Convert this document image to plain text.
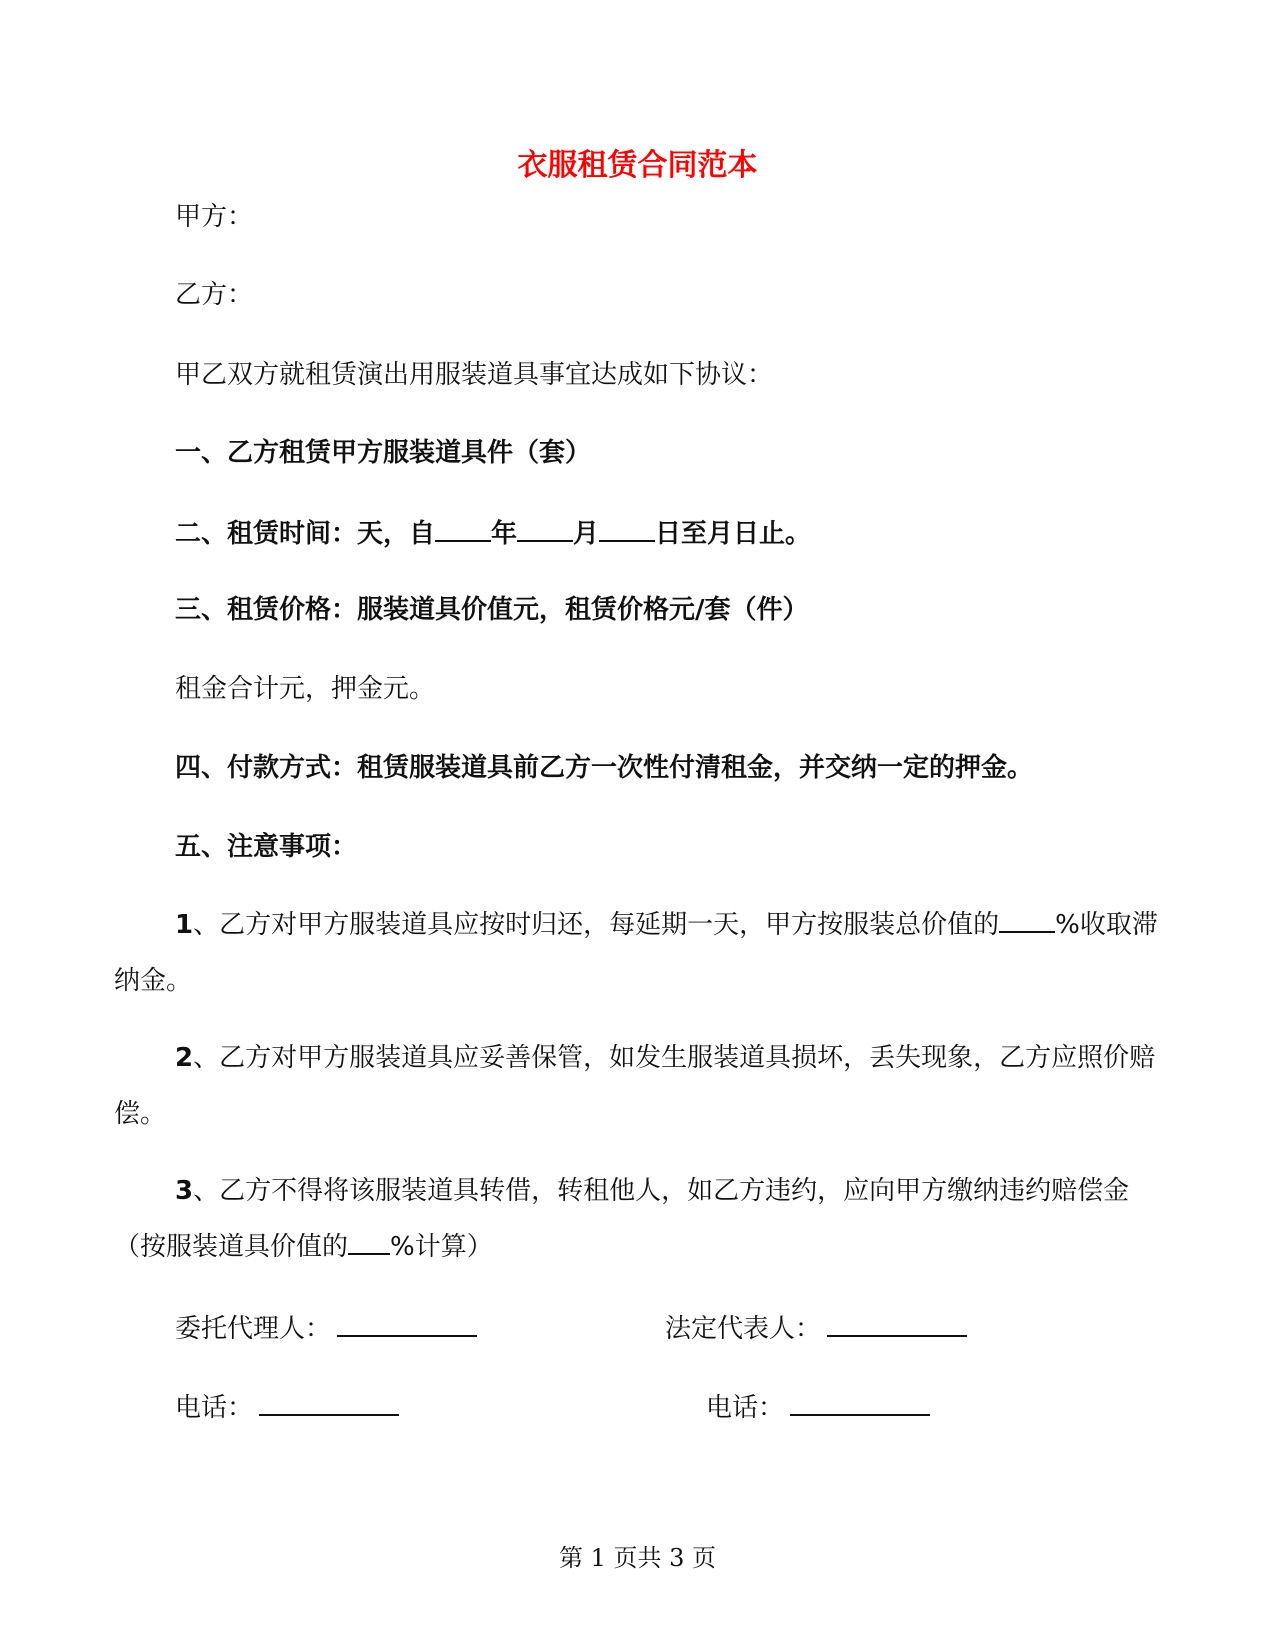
衣服租赁合同范本
甲方：
乙方：
甲乙双方就租赁演出用服装道具事宜达成如下协议：
一、乙方租赁甲方服装道具件（套）
二、租赁时间：天，自 年 月 日至月日止。
三、租赁价格：服装道具价值元，租赁价格元/套（件）
租金合计元，押金元。
四、付款方式：租赁服装道具前乙方一次性付清租金，并交纳一定的押金。
五、注意事项：
1、乙方对甲方服装道具应按时归还，每延期一天，甲方按服装总价值的 %收取滞纳金。
2、乙方对甲方服装道具应妥善保管，如发生服装道具损坏，丢失现象，乙方应照价赔偿。
3、乙方不得将该服装道具转借，转租他人，如乙方违约，应向甲方缴纳违约赔偿金（按服装道具价值的 %计算）
委托代理人：	法定代表人：
电话：	电话：
第 1 页共 3 页
